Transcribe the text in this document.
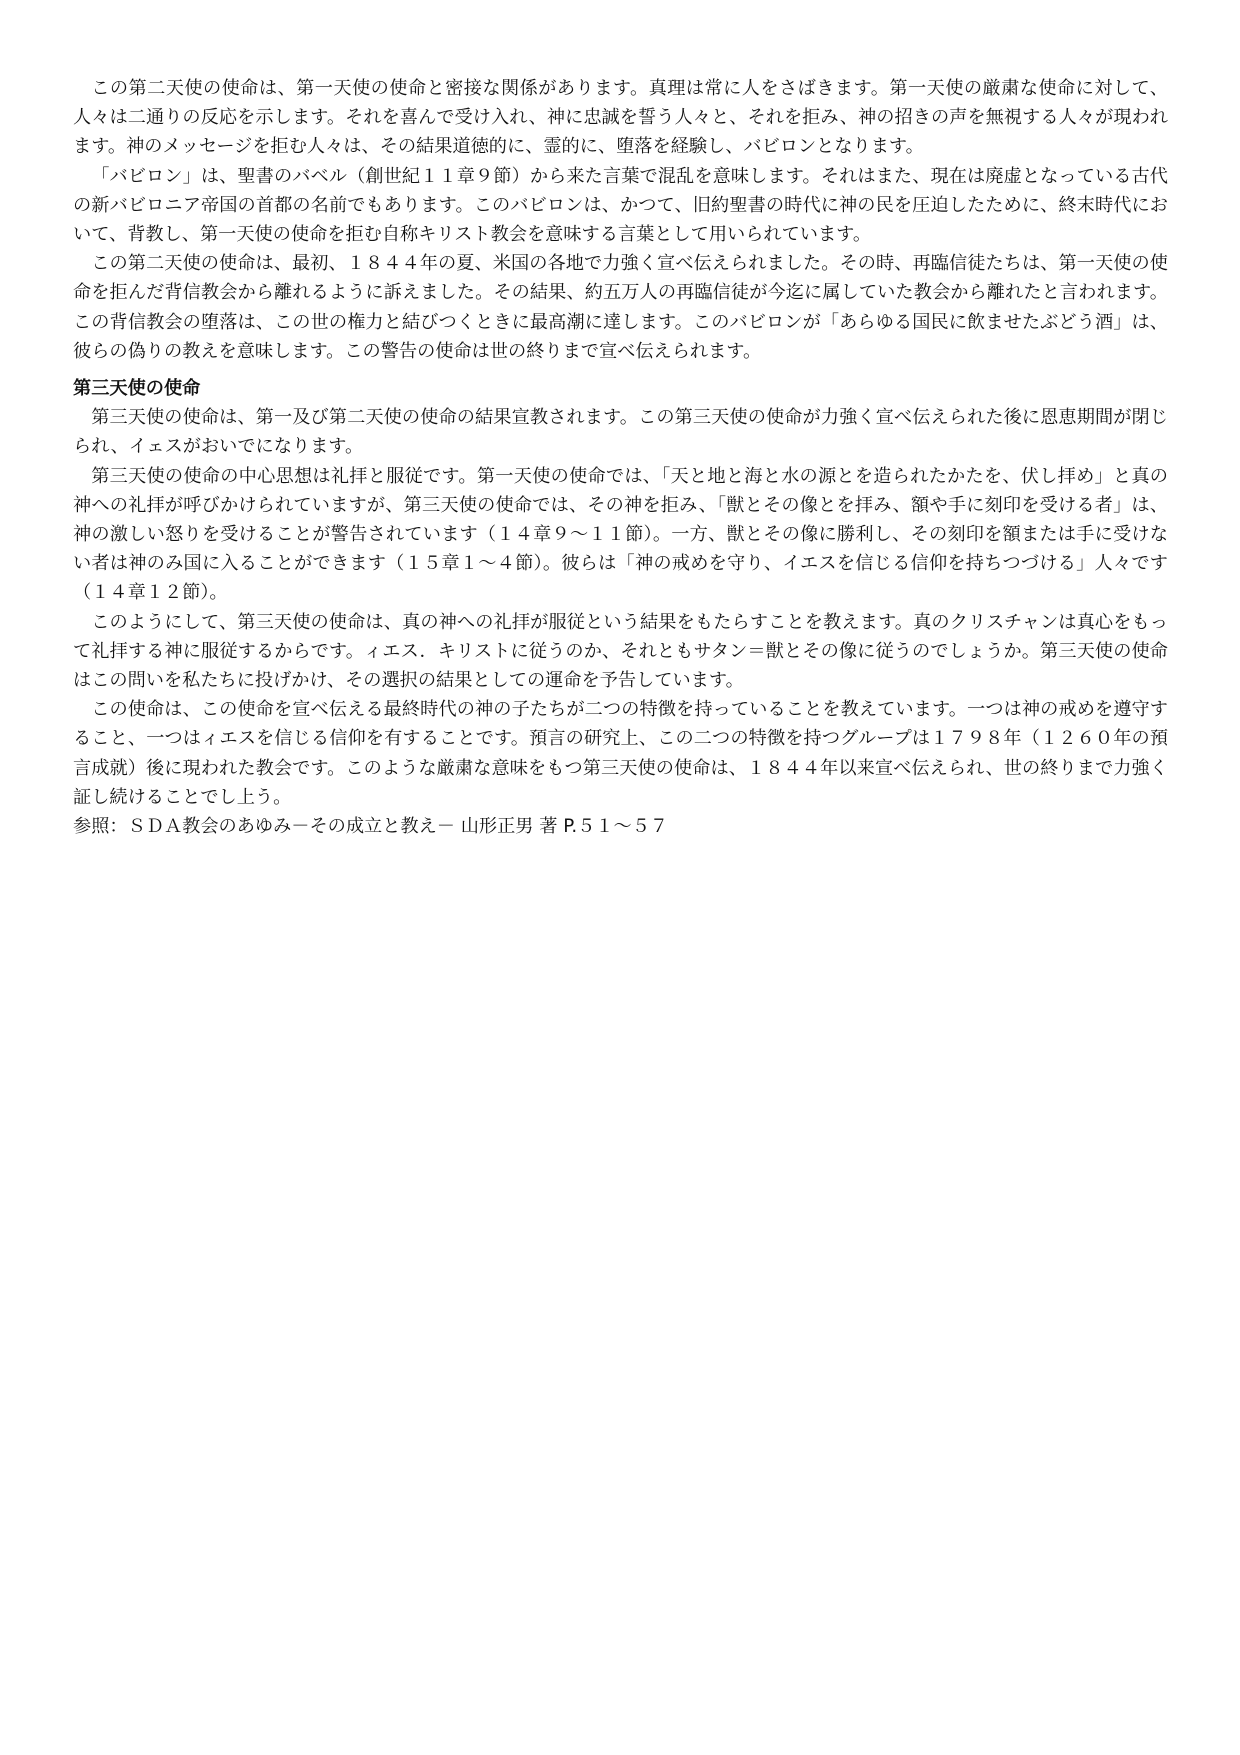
この第二天使の使命は、第一天使の使命と密接な関係があります。真理は常に人をさばきます。第一天使の厳粛な使命に対して、人々は二通りの反応を示します。それを喜んで受け入れ、神に忠誠を誓う人々と、それを拒み、神の招きの声を無視する人々が現われます。神のメッセージを拒む人々は、その結果道徳的に、霊的に、堕落を経験し、バビロンとなります。

「バビロン」は、聖書のバベル（創世紀１１章９節）から来た言葉で混乱を意味します。それはまた、現在は廃虚となっている古代の新バビロニア帝国の首都の名前でもあります。このバビロンは、かつて、旧約聖書の時代に神の民を圧迫したために、終末時代において、背教し、第一天使の使命を拒む自称キリスト教会を意味する言葉として用いられています。

この第二天使の使命は、最初、１８４４年の夏、米国の各地で力強く宣べ伝えられました。その時、再臨信徒たちは、第一天使の使命を拒んだ背信教会から離れるように訴えました。その結果、約五万人の再臨信徒が今迄に属していた教会から離れたと言われます。この背信教会の堕落は、この世の権力と結びつくときに最高潮に達します。このバビロンが「あらゆる国民に飲ませたぶどう酒」は、彼らの偽りの教えを意味します。この警告の使命は世の終りまで宣べ伝えられます。

第三天使の使命

第三天使の使命は、第一及び第二天使の使命の結果宣教されます。この第三天使の使命が力強く宣べ伝えられた後に恩恵期間が閉じられ、イェスがおいでになります。

第三天使の使命の中心思想は礼拝と服従です。第一天使の使命では、「天と地と海と水の源とを造られたかたを、伏し拝め」と真の神への礼拝が呼びかけられていますが、第三天使の使命では、その神を拒み、「獣とその像とを拝み、額や手に刻印を受ける者」は、神の激しい怒りを受けることが警告されています（１４章９～１１節）。一方、獣とその像に勝利し、その刻印を額または手に受けない者は神のみ国に入ることができます（１５章１～４節）。彼らは「神の戒めを守り、イエスを信じる信仰を持ちつづける」人々です（１４章１２節）。

このようにして、第三天使の使命は、真の神への礼拝が服従という結果をもたらすことを教えます。真のクリスチャンは真心をもって礼拝する神に服従するからです。ィエス．キリストに従うのか、それともサタン＝獣とその像に従うのでしょうか。第三天使の使命はこの問いを私たちに投げかけ、その選択の結果としての運命を予告しています。

この使命は、この使命を宣べ伝える最終時代の神の子たちが二つの特徴を持っていることを教えています。一つは神の戒めを遵守すること、一つはィエスを信じる信仰を有することです。預言の研究上、この二つの特徴を持つグループは１７９８年（１２６０年の預言成就）後に現われた教会です。このような厳粛な意味をもつ第三天使の使命は、１８４４年以来宣べ伝えられ、世の終りまで力強く証し続けることでし上う。

参照：ＳＤＡ教会のあゆみ－その成立と教え－ 山形正男 著 P.５１～５７
